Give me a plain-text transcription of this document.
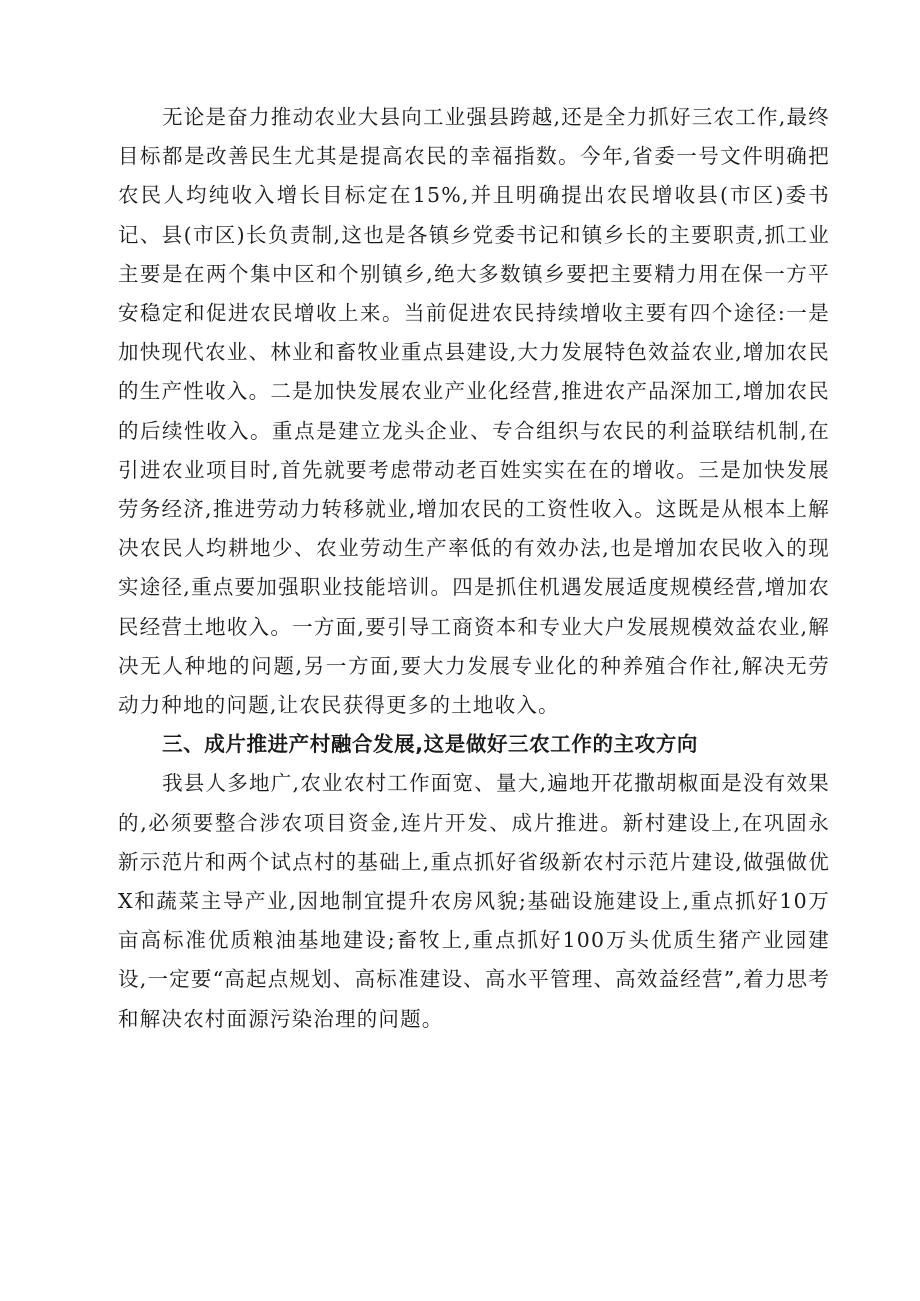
无论是奋力推动农业大县向工业强县跨越,还是全力抓好三农工作,最终目标都是改善民生尤其是提高农民的幸福指数。今年,省委一号文件明确把农民人均纯收入增长目标定在15%,并且明确提出农民增收县(市区)委书记、县(市区)长负责制,这也是各镇乡党委书记和镇乡长的主要职责,抓工业主要是在两个集中区和个别镇乡,绝大多数镇乡要把主要精力用在保一方平安稳定和促进农民增收上来。当前促进农民持续增收主要有四个途径:一是加快现代农业、林业和畜牧业重点县建设,大力发展特色效益农业,增加农民的生产性收入。二是加快发展农业产业化经营,推进农产品深加工,增加农民的后续性收入。重点是建立龙头企业、专合组织与农民的利益联结机制,在引进农业项目时,首先就要考虑带动老百姓实实在在的增收。三是加快发展劳务经济,推进劳动力转移就业,增加农民的工资性收入。这既是从根本上解决农民人均耕地少、农业劳动生产率低的有效办法,也是增加农民收入的现实途径,重点要加强职业技能培训。四是抓住机遇发展适度规模经营,增加农民经营土地收入。一方面,要引导工商资本和专业大户发展规模效益农业,解决无人种地的问题,另一方面,要大力发展专业化的种养殖合作社,解决无劳动力种地的问题,让农民获得更多的土地收入。

三、成片推进产村融合发展,这是做好三农工作的主攻方向

我县人多地广,农业农村工作面宽、量大,遍地开花撒胡椒面是没有效果的,必须要整合涉农项目资金,连片开发、成片推进。新村建设上,在巩固永新示范片和两个试点村的基础上,重点抓好省级新农村示范片建设,做强做优X和蔬菜主导产业,因地制宜提升农房风貌;基础设施建设上,重点抓好10万亩高标准优质粮油基地建设;畜牧上,重点抓好100万头优质生猪产业园建设,一定要“高起点规划、高标准建设、高水平管理、高效益经营”,着力思考和解决农村面源污染治理的问题。
